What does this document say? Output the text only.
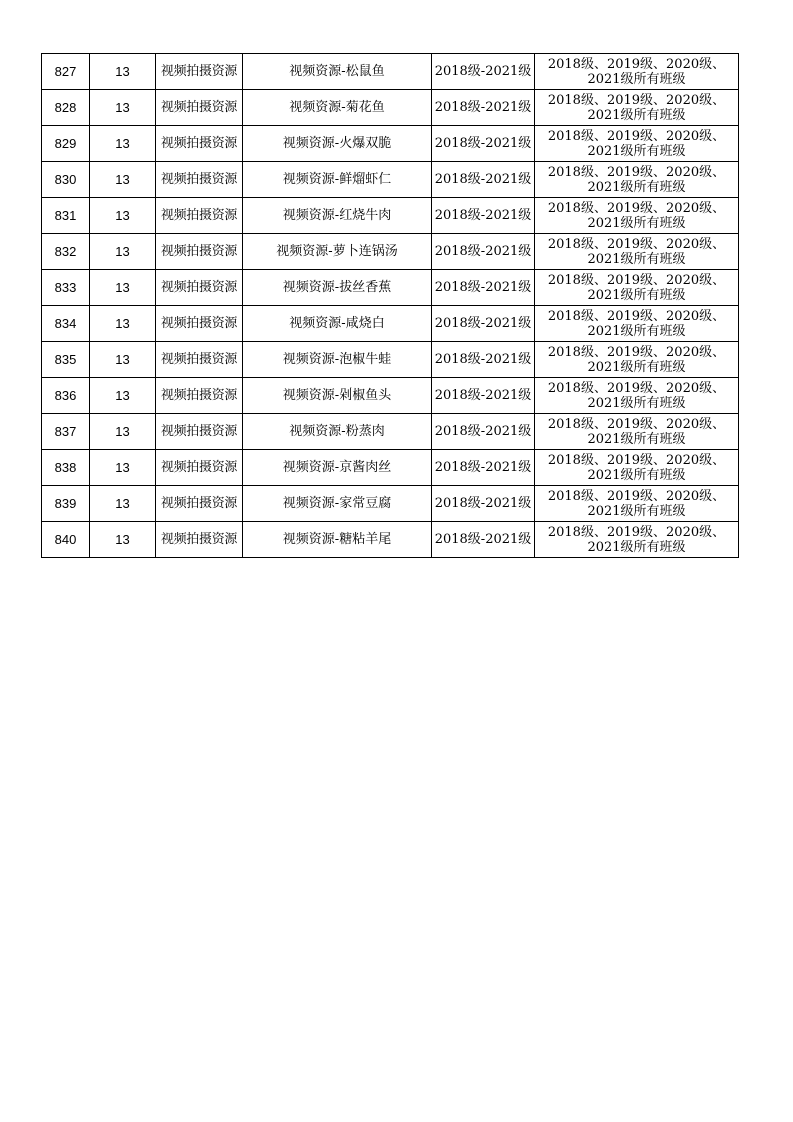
827	13	视频拍摄资源	视频资源-松鼠鱼	2018级-2021级	2018级、2019级、2020级、
2021级所有班级

828	13	视频拍摄资源	视频资源-菊花鱼	2018级-2021级	2018级、2019级、2020级、
2021级所有班级

829	13	视频拍摄资源	视频资源-火爆双脆	2018级-2021级	2018级、2019级、2020级、
2021级所有班级

830	13	视频拍摄资源	视频资源-鲜熘虾仁	2018级-2021级	2018级、2019级、2020级、
2021级所有班级

831	13	视频拍摄资源	视频资源-红烧牛肉	2018级-2021级	2018级、2019级、2020级、
2021级所有班级

832	13	视频拍摄资源	视频资源-萝卜连锅汤	2018级-2021级	2018级、2019级、2020级、
2021级所有班级

833	13	视频拍摄资源	视频资源-拔丝香蕉	2018级-2021级	2018级、2019级、2020级、
2021级所有班级

834	13	视频拍摄资源	视频资源-咸烧白	2018级-2021级	2018级、2019级、2020级、
2021级所有班级

835	13	视频拍摄资源	视频资源-泡椒牛蛙	2018级-2021级	2018级、2019级、2020级、
2021级所有班级

836	13	视频拍摄资源	视频资源-剁椒鱼头	2018级-2021级	2018级、2019级、2020级、
2021级所有班级

837	13	视频拍摄资源	视频资源-粉蒸肉	2018级-2021级	2018级、2019级、2020级、
2021级所有班级

838	13	视频拍摄资源	视频资源-京酱肉丝	2018级-2021级	2018级、2019级、2020级、
2021级所有班级

839	13	视频拍摄资源	视频资源-家常豆腐	2018级-2021级	2018级、2019级、2020级、
2021级所有班级

840	13	视频拍摄资源	视频资源-糖粘羊尾	2018级-2021级	2018级、2019级、2020级、
2021级所有班级
